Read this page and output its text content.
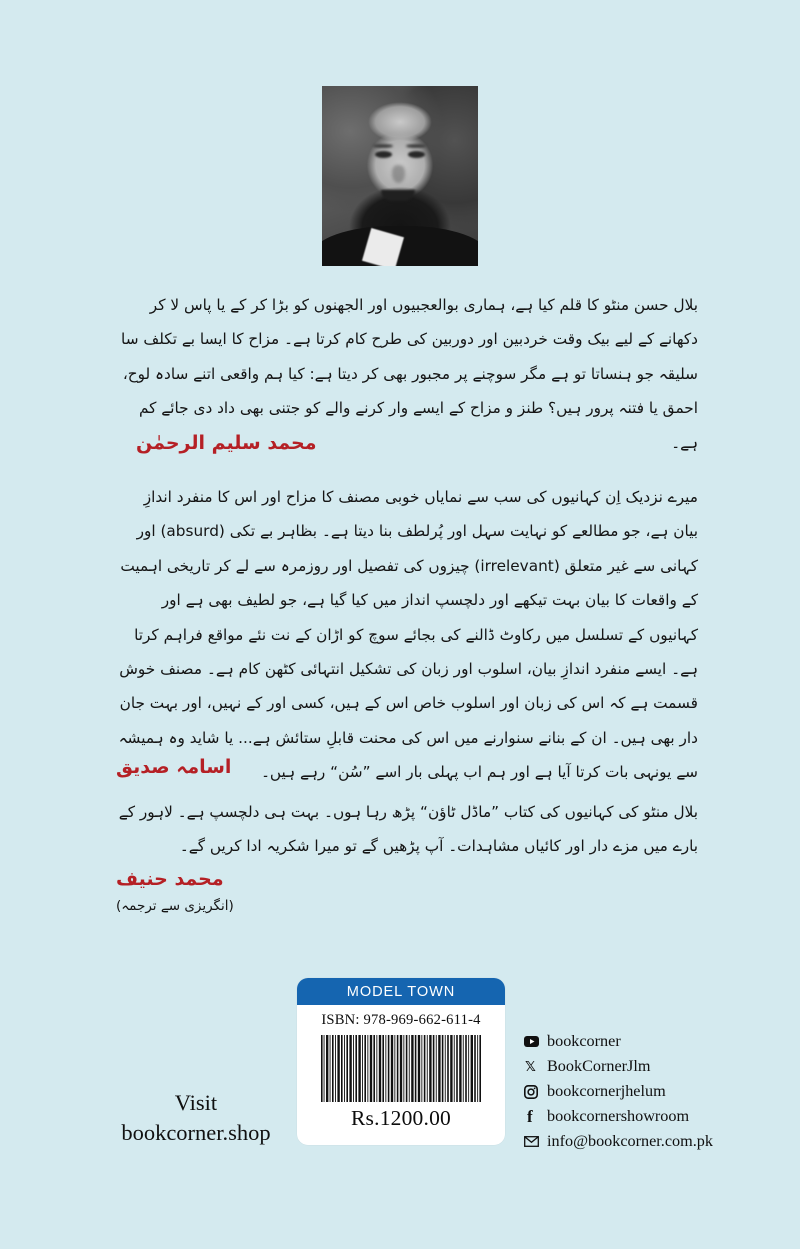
بلال حسن منٹو کا قلم کیا ہے، ہماری بوالعجبیوں اور الجھنوں کو بڑا کر کے یا پاس لا کر دکھانے کے لیے بیک وقت خردبین اور دوربین کی طرح کام کرتا ہے۔ مزاح کا ایسا بے تکلف سا سلیقہ جو ہنساتا تو ہے مگر سوچنے پر مجبور بھی کر دیتا ہے: کیا ہم واقعی اتنے سادہ لوح، احمق یا فتنہ پرور ہیں؟ طنز و مزاح کے ایسے وار کرنے والے کو جتنی بھی داد دی جائے کم ہے۔
محمد سلیم الرحمٰن
میرے نزدیک اِن کہانیوں کی سب سے نمایاں خوبی مصنف کا مزاح اور اس کا منفرد اندازِ بیان ہے، جو مطالعے کو نہایت سہل اور پُرلطف بنا دیتا ہے۔ بظاہر بے تکی (absurd) اور کہانی سے غیر متعلق (irrelevant) چیزوں کی تفصیل اور روزمرہ سے لے کر تاریخی اہمیت کے واقعات کا بیان بہت تیکھے اور دلچسپ انداز میں کیا گیا ہے، جو لطیف بھی ہے اور کہانیوں کے تسلسل میں رکاوٹ ڈالنے کی بجائے سوچ کو اڑان کے نت نئے مواقع فراہم کرتا ہے۔ ایسے منفرد اندازِ بیان، اسلوب اور زبان کی تشکیل انتہائی کٹھن کام ہے۔ مصنف خوش قسمت ہے کہ اس کی زبان اور اسلوب خاص اس کے ہیں، کسی اور کے نہیں، اور بہت جان دار بھی ہیں۔ ان کے بنانے سنوارنے میں اس کی محنت قابلِ ستائش ہے... یا شاید وہ ہمیشہ سے یونہی بات کرتا آیا ہے اور ہم اب پہلی بار اسے ”سُن“ رہے ہیں۔
اسامہ صدیق
بلال منٹو کی کہانیوں کی کتاب ”ماڈل ٹاؤن“ پڑھ رہا ہوں۔ بہت ہی دلچسپ ہے۔ لاہور کے بارے میں مزے دار اور کائیاں مشاہدات۔ آپ پڑھیں گے تو میرا شکریہ ادا کریں گے۔
محمد حنیف
(انگریزی سے ترجمہ)
Visit
bookcorner.shop
MODEL TOWN
ISBN: 978-969-662-611-4
Rs.1200.00
bookcorner
𝕏 BookCornerJlm
bookcornerjhelum
f bookcornershowroom
info@bookcorner.com.pk
